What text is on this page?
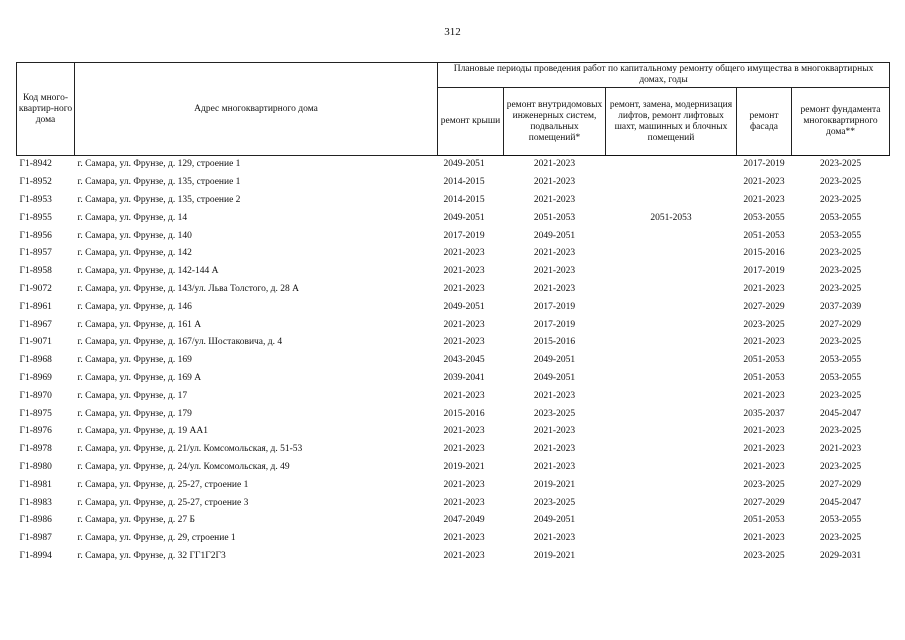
312
Код много-квартир-ного дома	Адрес многоквартирного дома	Плановые периоды проведения работ по капитальному ремонту общего имущества в многоквартирных домах, годы				
		ремонт крыши	ремонт внутридомовых инженерных систем, подвальных помещений*	ремонт, замена, модернизация лифтов, ремонт лифтовых шахт, машинных и блочных помещений	ремонт фасада	ремонт фундамента многоквартирного дома**
Г1-8942	г. Самара, ул. Фрунзе, д. 129, строение 1	2049-2051	2021-2023		2017-2019	2023-2025
Г1-8952	г. Самара, ул. Фрунзе, д. 135, строение 1	2014-2015	2021-2023		2021-2023	2023-2025
Г1-8953	г. Самара, ул. Фрунзе, д. 135, строение 2	2014-2015	2021-2023		2021-2023	2023-2025
Г1-8955	г. Самара, ул. Фрунзе, д. 14	2049-2051	2051-2053	2051-2053	2053-2055	2053-2055
Г1-8956	г. Самара, ул. Фрунзе, д. 140	2017-2019	2049-2051		2051-2053	2053-2055
Г1-8957	г. Самара, ул. Фрунзе, д. 142	2021-2023	2021-2023		2015-2016	2023-2025
Г1-8958	г. Самара, ул. Фрунзе, д. 142-144 А	2021-2023	2021-2023		2017-2019	2023-2025
Г1-9072	г. Самара, ул. Фрунзе, д. 143/ул. Льва Толстого, д. 28 А	2021-2023	2021-2023		2021-2023	2023-2025
Г1-8961	г. Самара, ул. Фрунзе, д. 146	2049-2051	2017-2019		2027-2029	2037-2039
Г1-8967	г. Самара, ул. Фрунзе, д. 161 А	2021-2023	2017-2019		2023-2025	2027-2029
Г1-9071	г. Самара, ул. Фрунзе, д. 167/ул. Шостаковича, д. 4	2021-2023	2015-2016		2021-2023	2023-2025
Г1-8968	г. Самара, ул. Фрунзе, д. 169	2043-2045	2049-2051		2051-2053	2053-2055
Г1-8969	г. Самара, ул. Фрунзе, д. 169 А	2039-2041	2049-2051		2051-2053	2053-2055
Г1-8970	г. Самара, ул. Фрунзе, д. 17	2021-2023	2021-2023		2021-2023	2023-2025
Г1-8975	г. Самара, ул. Фрунзе, д. 179	2015-2016	2023-2025		2035-2037	2045-2047
Г1-8976	г. Самара, ул. Фрунзе, д. 19 АА1	2021-2023	2021-2023		2021-2023	2023-2025
Г1-8978	г. Самара, ул. Фрунзе, д. 21/ул. Комсомольская, д. 51-53	2021-2023	2021-2023		2021-2023	2021-2023
Г1-8980	г. Самара, ул. Фрунзе, д. 24/ул. Комсомольская, д. 49	2019-2021	2021-2023		2021-2023	2023-2025
Г1-8981	г. Самара, ул. Фрунзе, д. 25-27, строение 1	2021-2023	2019-2021		2023-2025	2027-2029
Г1-8983	г. Самара, ул. Фрунзе, д. 25-27, строение 3	2021-2023	2023-2025		2027-2029	2045-2047
Г1-8986	г. Самара, ул. Фрунзе, д. 27 Б	2047-2049	2049-2051		2051-2053	2053-2055
Г1-8987	г. Самара, ул. Фрунзе, д. 29, строение 1	2021-2023	2021-2023		2021-2023	2023-2025
Г1-8994	г. Самара, ул. Фрунзе, д. 32 ГГ1Г2Г3	2021-2023	2019-2021		2023-2025	2029-2031
